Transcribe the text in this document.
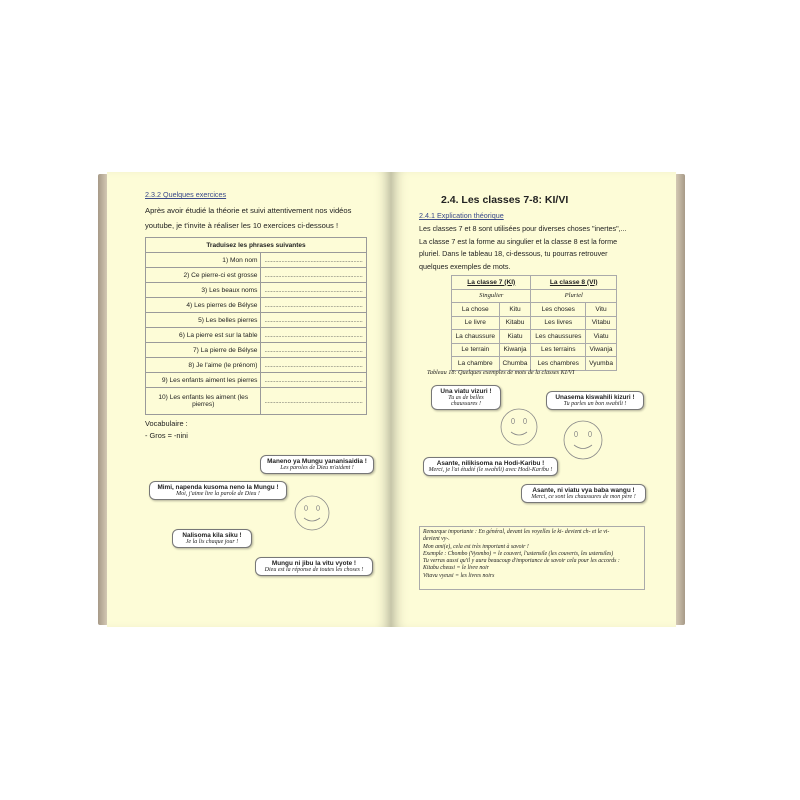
2.3.2 Quelques exercices
Après avoir étudié la théorie et suivi attentivement nos vidéos
youtube, je t'invite à réaliser les 10 exercices ci-dessous !
Traduisez les phrases suivantes	
1) Mon nom	................................................................
2) Ce pierre-ci est grosse	................................................................
3) Les beaux noms	................................................................
4) Les pierres de Bélyse	................................................................
5) Les belles pierres	................................................................
6) La pierre est sur la table	................................................................
7) La pierre de Bélyse	................................................................
8) Je l'aime (le prénom)	................................................................
9) Les enfants aiment les pierres	................................................................
10) Les enfants les aiment (les pierres)	................................................................
Vocabulaire :
- Gros = -nini
Maneno ya Mungu yananisaidia !
Les paroles de Dieu m'aident !
Mimi, napenda kusoma neno la Mungu !
Moi, j'aime lire la parole de Dieu !
Nalisoma kila siku !
Je la lis chaque jour !
Mungu ni jibu la vitu vyote !
Dieu est la réponse de toutes les choses !
2.4. Les classes 7-8: KI/VI
2.4.1 Explication théorique
Les classes 7 et 8 sont utilisées pour diverses choses "inertes",...
La classe 7 est la forme au singulier et la classe 8 est la forme
pluriel. Dans le tableau 18, ci-dessous, tu pourras retrouver
quelques exemples de mots.
La classe 7 (KI)		La classe 8 (VI)	
Singulier		Pluriel	
La chose	Kitu	Les choses	Vitu
Le livre	Kitabu	Les livres	Vitabu
La chaussure	Kiatu	Les chaussures	Viatu
Le terrain	Kiwanja	Les terrains	Viwanja
La chambre	Chumba	Les chambres	Vyumba
Tableau 18: Quelques exemples de mots de la classes KI/VI
Una viatu vizuri !
Tu as de belles chaussures !
Unasema kiswahili kizuri !
Tu parles un bon swahili !
Asante, nilikisoma na Hodi-Karibu !
Merci, je l'ai étudié (le swahili) avec Hodi-Karibu !
Asante, ni viatu vya baba wangu !
Merci, ce sont les chaussures de mon père !
Remarque importante : En général, devant les voyelles le ki- devient ch- et le vi-
devient vy-.
Mon ami(e), cela est très important à savoir !
Exemple : Chombo (Vyombo) = le couvert, l'ustensile (les couverts, les ustensiles)
Tu verras aussi qu'il y aura beaucoup d'importance de savoir cela pour les accords :
Kitabu cheusi = le livre noir
Vitavu vyeusi = les livres noirs
